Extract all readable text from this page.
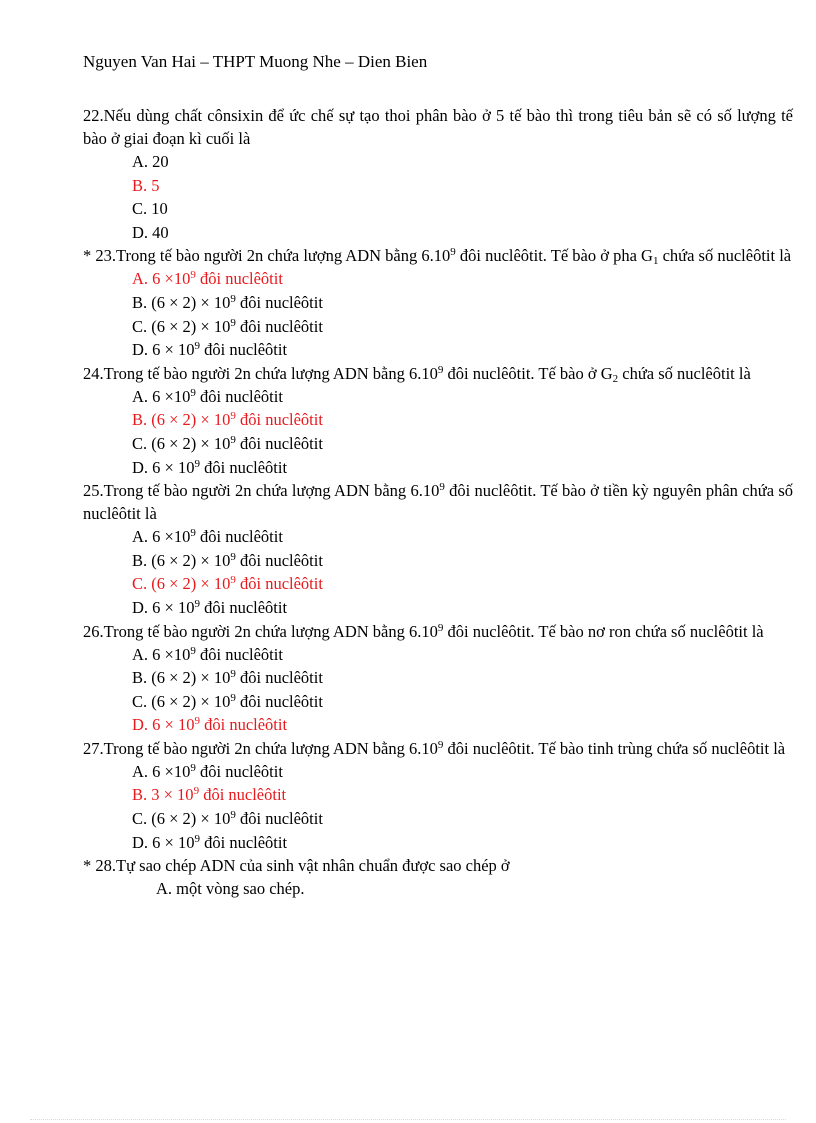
Nguyen Van Hai – THPT Muong Nhe – Dien Bien

22.Nếu dùng chất cônsixin để ức chế sự tạo thoi phân bào ở 5 tế bào thì trong tiêu bản sẽ có số lượng tế bào ở giai đoạn kì cuối là

A. 20

B. 5

C. 10

D. 40

* 23.Trong tế bào người 2n chứa lượng ADN bằng 6.10$^9$ đôi nuclêôtit. Tế bào ở pha $G_1$ chứa số nuclêôtit là

A. $6 \times 10^9$ đôi nuclêôtit

B. $(6 \times 2) \times 10^9$ đôi nuclêôtit

C. $(6 \times 2) \times 10^9$ đôi nuclêôtit

D. $6 \times 10^9$ đôi nuclêôtit

24.Trong tế bào người 2n chứa lượng ADN bằng 6.10$^9$ đôi nuclêôtit. Tế bào ở $G_2$ chứa số nuclêôtit là

A. $6 \times 10^9$ đôi nuclêôtit

B. $(6 \times 2) \times 10^9$ đôi nuclêôtit

C. $(6 \times 2) \times 10^9$ đôi nuclêôtit

D. $6 \times 10^9$ đôi nuclêôtit

25.Trong tế bào người 2n chứa lượng ADN bằng 6.10$^9$ đôi nuclêôtit. Tế bào ở tiền kỳ nguyên phân chứa số nuclêôtit là

A. $6 \times 10^9$ đôi nuclêôtit

B. $(6 \times 2) \times 10^9$ đôi nuclêôtit

C. $(6 \times 2) \times 10^9$ đôi nuclêôtit

D. $6 \times 10^9$ đôi nuclêôtit

26.Trong tế bào người 2n chứa lượng ADN bằng 6.10$^9$ đôi nuclêôtit. Tế bào nơ ron chứa số nuclêôtit là

A. $6 \times 10^9$ đôi nuclêôtit

B. $(6 \times 2) \times 10^9$ đôi nuclêôtit

C. $(6 \times 2) \times 10^9$ đôi nuclêôtit

D. $6 \times 10^9$ đôi nuclêôtit

27.Trong tế bào người 2n chứa lượng ADN bằng 6.10$^9$ đôi nuclêôtit. Tế bào tinh trùng chứa số nuclêôtit là

A. $6 \times 10^9$ đôi nuclêôtit

B. $3 \times 10^9$ đôi nuclêôtit

C. $(6 \times 2) \times 10^9$ đôi nuclêôtit

D. $6 \times 10^9$ đôi nuclêôtit

* 28.Tự sao chép ADN của sinh vật nhân chuẩn được sao chép ở

A. một vòng sao chép.
